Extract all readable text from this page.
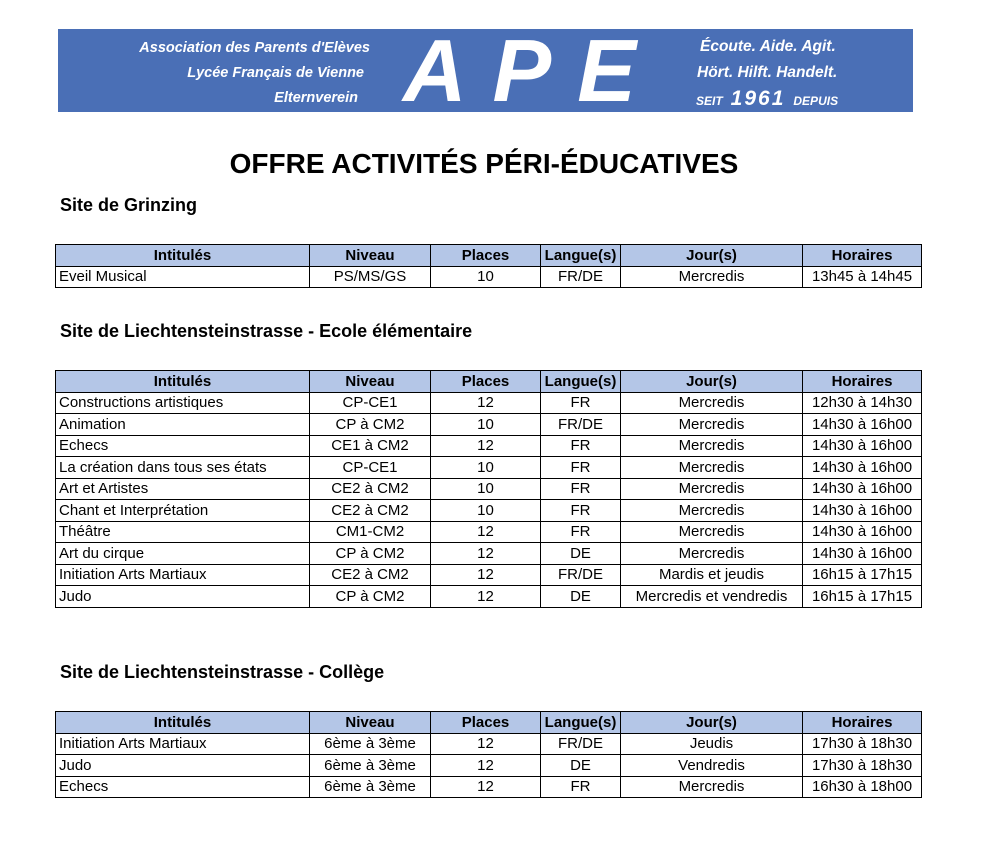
Association des Parents d'Elèves
Lycée Français de Vienne
Elternverein APE	Écoute. Aide. Agit.
Hört. Hilft. Handelt.
SEIT 1961 DEPUIS
OFFRE ACTIVITÉS PÉRI-ÉDUCATIVES
Site de Grinzing
Intitulés	Niveau	Places	Langue(s)	Jour(s)	Horaires
Eveil Musical	PS/MS/GS	10	FR/DE	Mercredis	13h45 à 14h45
Site de Liechtensteinstrasse - Ecole élémentaire
Intitulés	Niveau	Places	Langue(s)	Jour(s)	Horaires
Constructions artistiques	CP-CE1	12	FR	Mercredis	12h30 à 14h30
Animation	CP à CM2	10	FR/DE	Mercredis	14h30 à 16h00
Echecs	CE1 à CM2	12	FR	Mercredis	14h30 à 16h00
La création dans tous ses états	CP-CE1	10	FR	Mercredis	14h30 à 16h00
Art et Artistes	CE2 à CM2	10	FR	Mercredis	14h30 à 16h00
Chant et Interprétation	CE2 à CM2	10	FR	Mercredis	14h30 à 16h00
Théâtre	CM1-CM2	12	FR	Mercredis	14h30 à 16h00
Art du cirque	CP à CM2	12	DE	Mercredis	14h30 à 16h00
Initiation Arts Martiaux	CE2 à CM2	12	FR/DE	Mardis et jeudis	16h15 à 17h15
Judo	CP à CM2	12	DE	Mercredis et vendredis	16h15 à 17h15
Site de Liechtensteinstrasse - Collège
Intitulés	Niveau	Places	Langue(s)	Jour(s)	Horaires
Initiation Arts Martiaux	6ème à 3ème	12	FR/DE	Jeudis	17h30 à 18h30
Judo	6ème à 3ème	12	DE	Vendredis	17h30 à 18h30
Echecs	6ème à 3ème	12	FR	Mercredis	16h30 à 18h00
